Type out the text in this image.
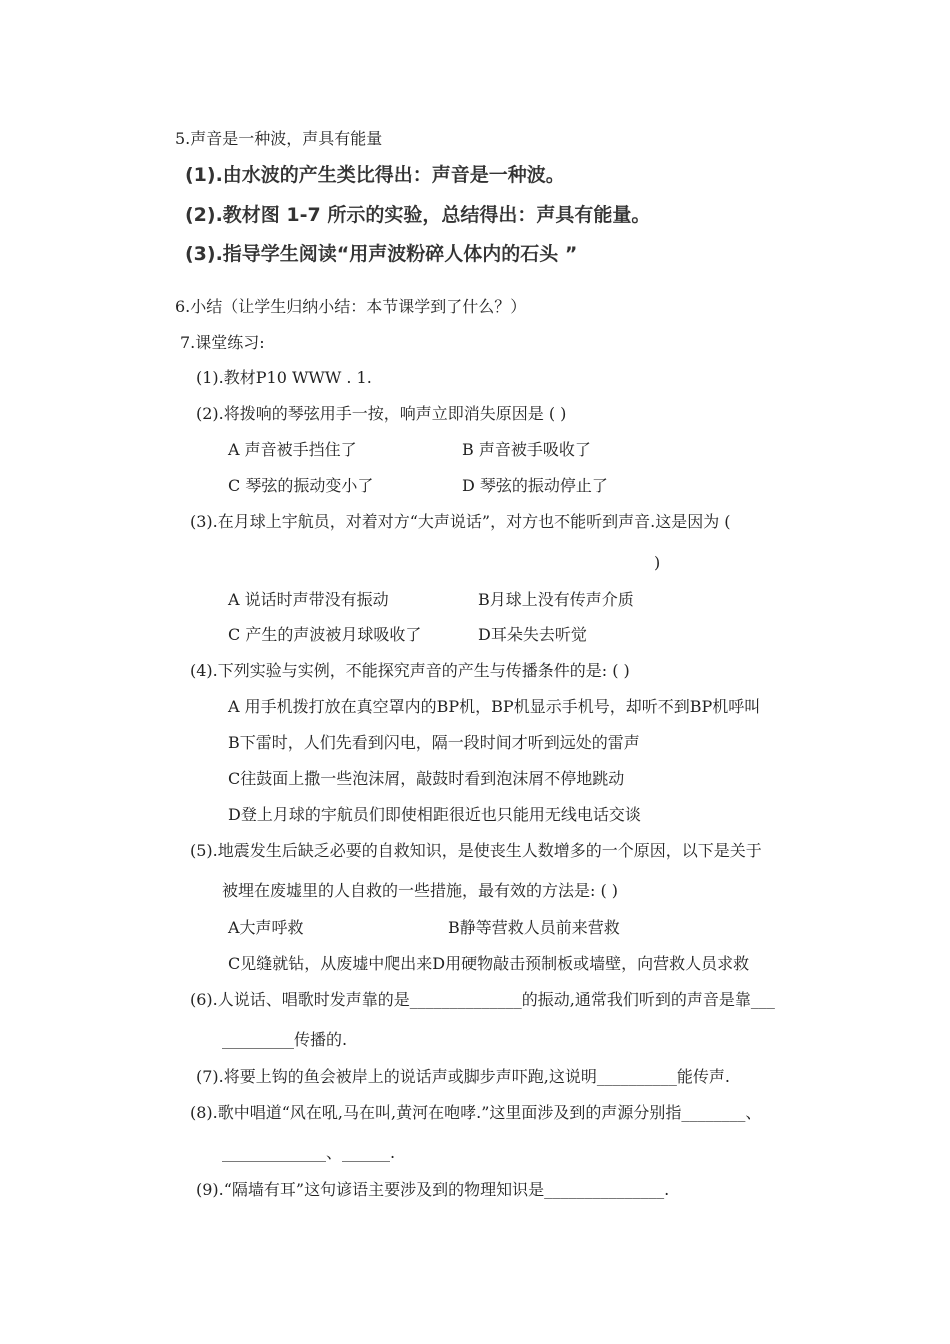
5.声音是一种波，声具有能量
(1).由水波的产生类比得出：声音是一种波。
(2).教材图 1-7 所示的实验，总结得出：声具有能量。
(3).指导学生阅读“用声波粉碎人体内的石头 ”
6.小结（让学生归纳小结：本节课学到了什么？）
7.课堂练习:
(1).教材P10 WWW . 1.
(2).将拨响的琴弦用手一按，响声立即消失原因是 ( )
A 声音被手挡住了	B 声音被手吸收了
C 琴弦的振动变小了	D 琴弦的振动停止了
(3).在月球上宇航员，对着对方“大声说话”，对方也不能听到声音.这是因为 (
)
A 说话时声带没有振动	B月球上没有传声介质
C 产生的声波被月球吸收了	D耳朵失去听觉
(4).下列实验与实例，不能探究声音的产生与传播条件的是: ( )
A 用手机拨打放在真空罩内的BP机，BP机显示手机号，却听不到BP机呼叫
B下雷时，人们先看到闪电，隔一段时间才听到远处的雷声
C往鼓面上撒一些泡沫屑，敲鼓时看到泡沫屑不停地跳动
D登上月球的宇航员们即使相距很近也只能用无线电话交谈
(5).地震发生后缺乏必要的自救知识，是使丧生人数增多的一个原因，以下是关于
被埋在废墟里的人自救的一些措施，最有效的方法是: ( )
A大声呼救	B静等营救人员前来营救
C见缝就钻，从废墟中爬出来D用硬物敲击预制板或墙壁，向营救人员求救
(6).人说话、唱歌时发声靠的是______________的振动,通常我们听到的声音是靠___
_________传播的.
(7).将要上钩的鱼会被岸上的说话声或脚步声吓跑,这说明__________能传声.
(8).歌中唱道“风在吼,马在叫,黄河在咆哮.”这里面涉及到的声源分别指________、
_____________、______.
(9).“隔墙有耳”这句谚语主要涉及到的物理知识是_______________.
